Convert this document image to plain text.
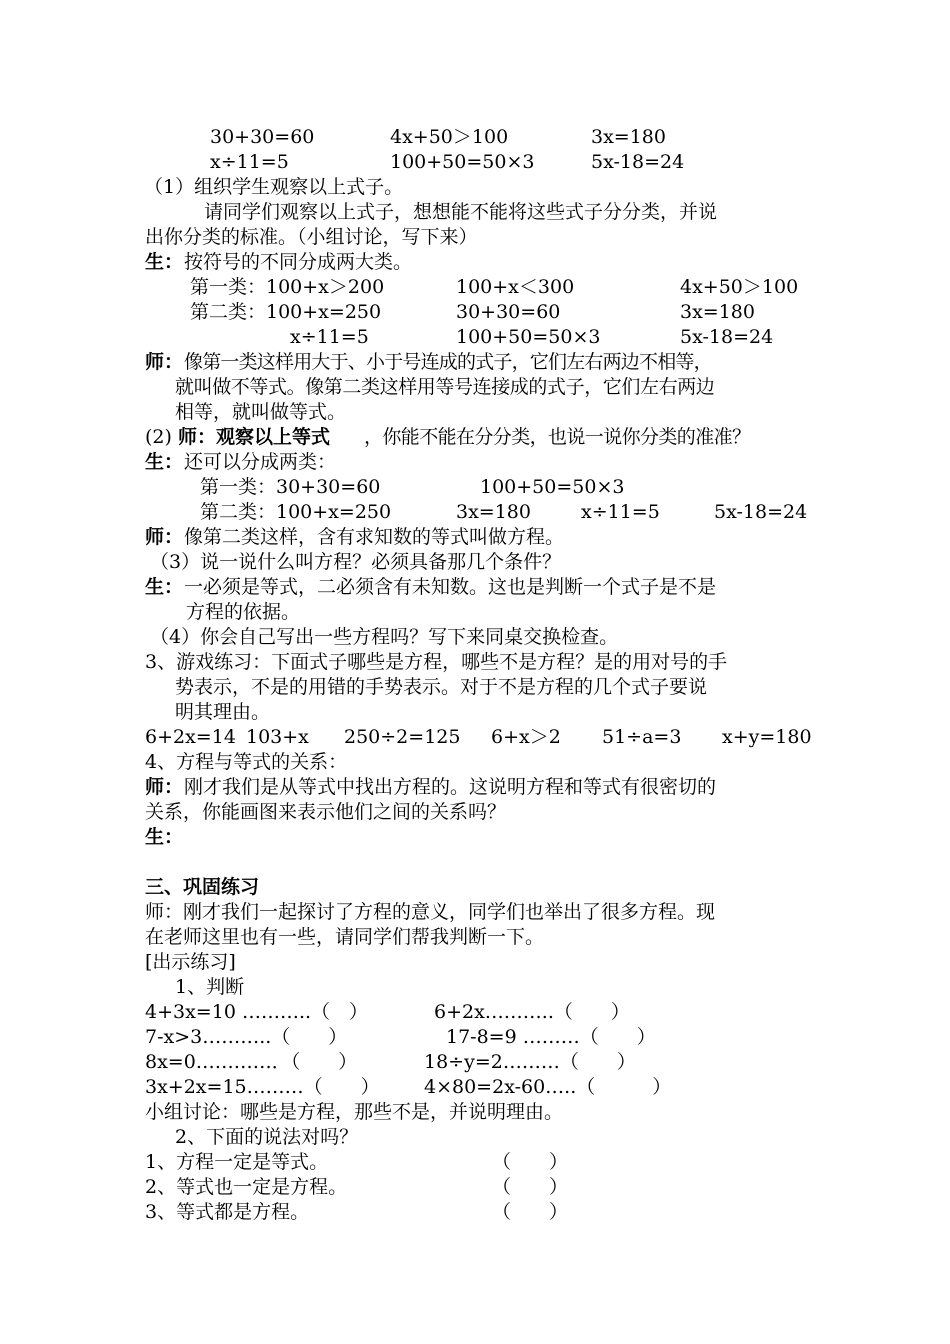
30+30=60	4x+50＞100	3x=180
x÷11=5	100+50=50×3	5x-18=24
（1）组织学生观察以上式子。
请同学们观察以上式子，想想能不能将这些式子分分类，并说
出你分类的标准。（小组讨论，写下来）
生： 按符号的不同分成两大类。
第一类：100+x＞200	100+x＜300	4x+50＞100
第二类：100+x=250	30+30=60	3x=180
x÷11=5	100+50=50×3	5x-18=24
师： 像第一类这样用大于、小于号连成的式子，它们左右两边不相等，
就叫做不等式。像第二类这样用等号连接成的式子，它们左右两边
相等，就叫做等式。
(2) 师：观察以上等式 ，你能不能在分分类，也说一说你分类的准准？
生： 还可以分成两类：
第一类：30+30=60	100+50=50×3
第二类：100+x=250	3x=180	x÷11=5	5x-18=24
师： 像第二类这样，含有求知数的等式叫做方程。
（3）说一说什么叫方程？必须具备那几个条件？
生： 一必须是等式，二必须含有未知数。这也是判断一个式子是不是
方程的依据。
（4）你会自己写出一些方程吗？写下来同桌交换检查。
3、游戏练习：下面式子哪些是方程，哪些不是方程？是的用对号的手
势表示，不是的用错的手势表示。对于不是方程的几个式子要说
明其理由。
6+2x=14 103+x 250÷2=125 6+x＞2 51÷a=3 x+y=180
4、方程与等式的关系：
师： 刚才我们是从等式中找出方程的。这说明方程和等式有很密切的
关系，你能画图来表示他们之间的关系吗？
生：
三、巩固练习
师：刚才我们一起探讨了方程的意义，同学们也举出了很多方程。现
在老师这里也有一些，请同学们帮我判断一下。
[出示练习]
1、判断
4+3x=10 ………..（　）	6+2x………..（　　）
7-x>3………..（　　）	17-8=9 ………（　　）
8x=0…………．（　　）	18÷y=2………（　　）
3x+2x=15………（　　） 4×80=2x-60…..（　　　）
小组讨论：哪些是方程，那些不是，并说明理由。
2、下面的说法对吗？
1、方程一定是等式。	（　　）
2、等式也一定是方程。	（　　）
3、等式都是方程。	（　　）
